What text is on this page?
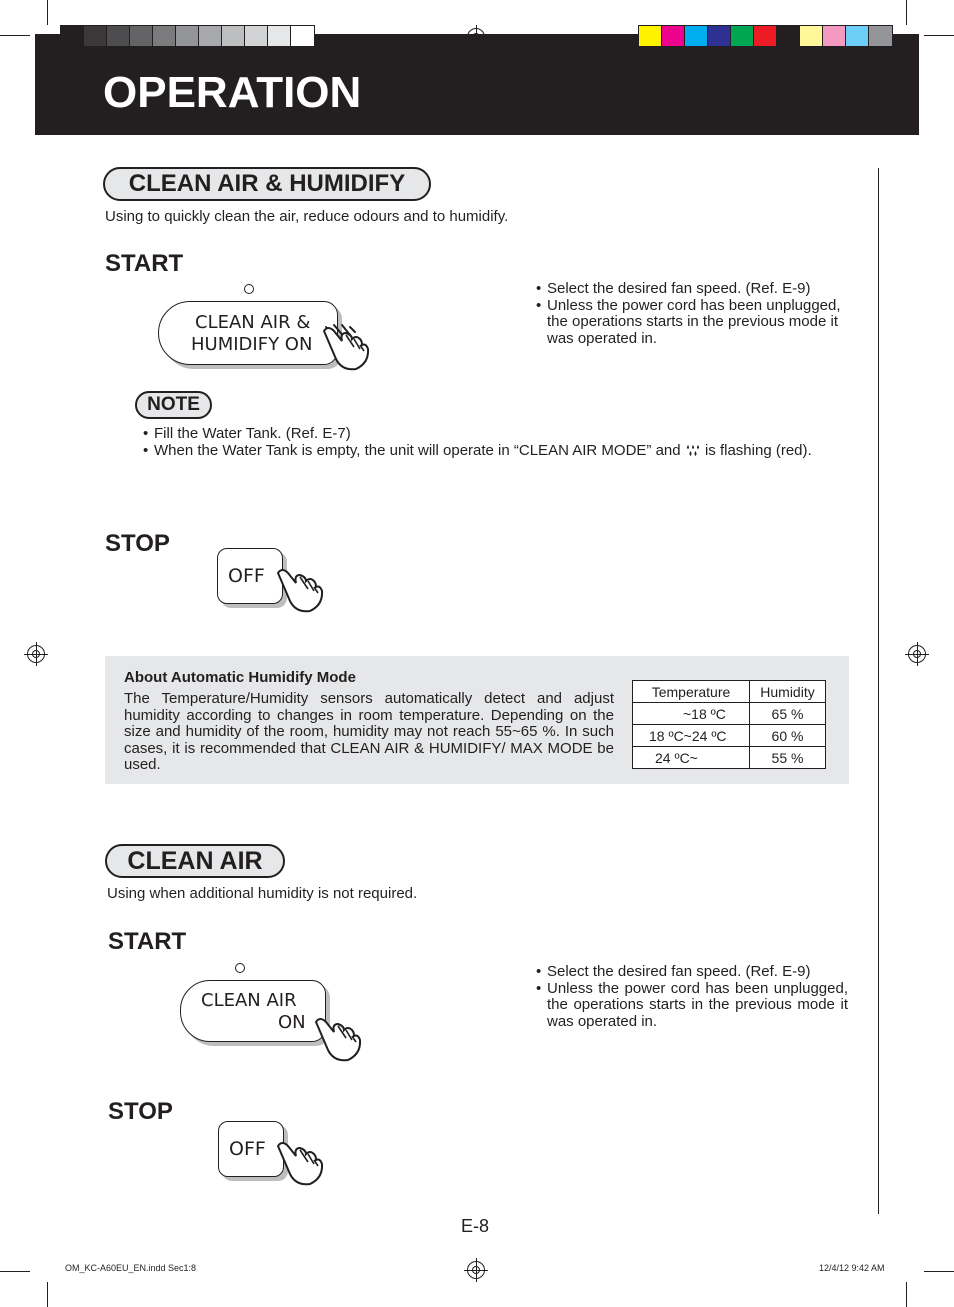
OPERATION
CLEAN AIR & HUMIDIFY
Using to quickly clean the air, reduce odours and to humidify.
START
CLEAN AIR &
HUMIDIFY ON
• Select the desired fan speed. (Ref. E-9)
• Unless the power cord has been unplugged, the operations starts in the previous mode it was operated in.
NOTE
• Fill the Water Tank. (Ref. E-7)
• When the Water Tank is empty, the unit will operate in “CLEAN AIR MODE” and is flashing (red).
STOP
OFF
About Automatic Humidify Mode
The Temperature/Humidity sensors automatically detect and adjust humidity according to changes in room temperature. Depending on the size and humidity of the room, humidity may not reach 55~65 %. In such cases, it is recommended that CLEAN AIR & HUMIDIFY/ MAX MODE be used.
Temperature	Humidity
~18 ºC	65 %
18 ºC~24 ºC	60 %
24 ºC~	55 %
CLEAN AIR
Using when additional humidity is not required.
START
CLEAN AIR
ON
• Select the desired fan speed. (Ref. E-9)
• Unless the power cord has been unplugged, the operations starts in the previous mode it was operated in.
STOP
OFF
E-8
OM_KC-A60EU_EN.indd Sec1:8	12/4/12 9:42 AM
